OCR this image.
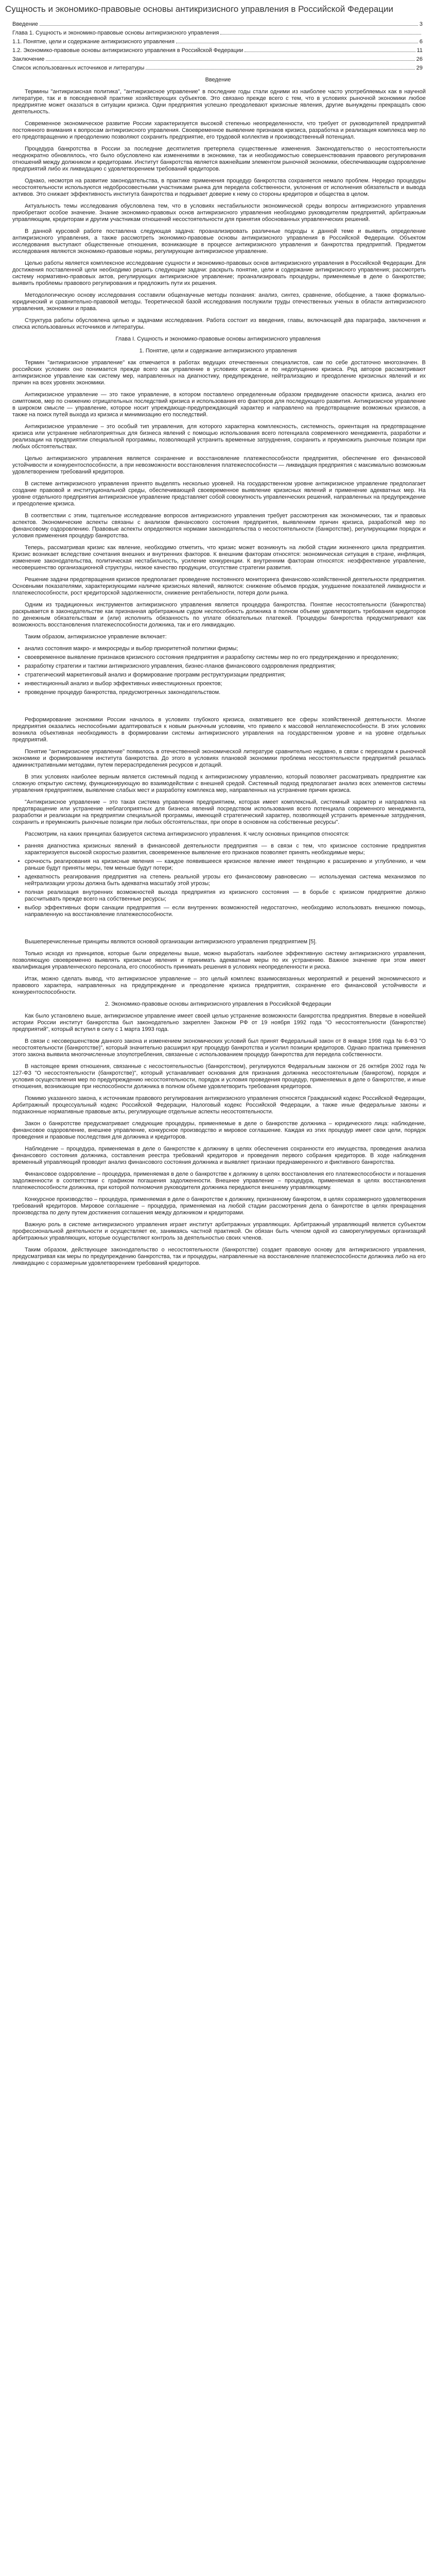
Сущность и экономико-правовые основы антикризисного управления в Российской Федерации
Введение	3
Глава 1. Сущность и экономико-правовые основы антикризисного управления
1.1. Понятие, цели и содержание антикризисного управления	6
1.2. Экономико-правовые основы антикризисного управления в Российской Федерации	11
Заключение	26
Список использованных источников и литературы	29
Введение

Термины "антикризисная политика", "антикризисное управление" в последние годы стали одними из наиболее часто употребляемых как в научной литературе, так и в повседневной практике хозяйствующих субъектов. Это связано прежде всего с тем, что в условиях рыночной экономики любое предприятие может оказаться в ситуации кризиса. Одни предприятия успешно преодолевают кризисные явления, другие вынуждены прекращать свою деятельность.

Современное экономическое развитие России характеризуется высокой степенью неопределенности, что требует от руководителей предприятий постоянного внимания к вопросам антикризисного управления. Своевременное выявление признаков кризиса, разработка и реализация комплекса мер по его предотвращению и преодолению позволяют сохранить предприятие, его трудовой коллектив и производственный потенциал.

Процедура банкротства в России за последние десятилетия претерпела существенные изменения. Законодательство о несостоятельности неоднократно обновлялось, что было обусловлено как изменениями в экономике, так и необходимостью совершенствования правового регулирования отношений между должником и кредиторами. Институт банкротства является важнейшим элементом рыночной экономики, обеспечивающим оздоровление предприятий либо их ликвидацию с удовлетворением требований кредиторов.

Однако, несмотря на развитие законодательства, в практике применения процедур банкротства сохраняется немало проблем. Нередко процедуры несостоятельности используются недобросовестными участниками рынка для передела собственности, уклонения от исполнения обязательств и вывода активов. Это снижает эффективность института банкротства и подрывает доверие к нему со стороны кредиторов и общества в целом.

Актуальность темы исследования обусловлена тем, что в условиях нестабильности экономической среды вопросы антикризисного управления приобретают особое значение. Знание экономико-правовых основ антикризисного управления необходимо руководителям предприятий, арбитражным управляющим, кредиторам и другим участникам отношений несостоятельности для принятия обоснованных управленческих решений.

В данной курсовой работе поставлена следующая задача: проанализировать различные подходы к данной теме и выявить определение антикризисного управления, а также рассмотреть экономико-правовые основы антикризисного управления в Российской Федерации. Объектом исследования выступают общественные отношения, возникающие в процессе антикризисного управления и банкротства предприятий. Предметом исследования являются экономико-правовые нормы, регулирующие антикризисное управление.

Целью работы является комплексное исследование сущности и экономико-правовых основ антикризисного управления в Российской Федерации. Для достижения поставленной цели необходимо решить следующие задачи: раскрыть понятие, цели и содержание антикризисного управления; рассмотреть систему нормативно-правовых актов, регулирующих антикризисное управление; проанализировать процедуры, применяемые в деле о банкротстве; выявить проблемы правового регулирования и предложить пути их решения.

Методологическую основу исследования составили общенаучные методы познания: анализ, синтез, сравнение, обобщение, а также формально-юридический и сравнительно-правовой методы. Теоретической базой исследования послужили труды отечественных ученых в области антикризисного управления, экономики и права.

Структура работы обусловлена целью и задачами исследования. Работа состоит из введения, главы, включающей два параграфа, заключения и списка использованных источников и литературы.

Глава I. Сущность и экономико-правовые основы антикризисного управления
1. Понятие, цели и содержание антикризисного управления

Термин "антикризисное управление" как отмечается в работах ведущих отечественных специалистов, сам по себе достаточно многозначен. В российских условиях оно понимается прежде всего как управление в условиях кризиса и по недопущению кризиса. Ряд авторов рассматривают антикризисное управление как систему мер, направленных на диагностику, предупреждение, нейтрализацию и преодоление кризисных явлений и их причин на всех уровнях экономики.

Антикризисное управление — это такое управление, в котором поставлено определенным образом предвидение опасности кризиса, анализ его симптомов, мер по снижению отрицательных последствий кризиса и использования его факторов для последующего развития. Антикризисное управление в широком смысле — управление, которое носит упреждающе-предупреждающий характер и направлено на предотвращение возможных кризисов, а также на поиск путей выхода из кризиса и минимизацию его последствий.

Антикризисное управление – это особый тип управления, для которого характерна комплексность, системность, ориентация на предотвращение кризиса или устранение неблагоприятных для бизнеса явлений с помощью использования всего потенциала современного менеджмента, разработки и реализации на предприятии специальной программы, позволяющей устранить временные затруднения, сохранить и преумножить рыночные позиции при любых обстоятельствах.

Целью антикризисного управления является сохранение и восстановление платежеспособности предприятия, обеспечение его финансовой устойчивости и конкурентоспособности, а при невозможности восстановления платежеспособности — ликвидация предприятия с максимально возможным удовлетворением требований кредиторов.

В системе антикризисного управления принято выделять несколько уровней. На государственном уровне антикризисное управление предполагает создание правовой и институциональной среды, обеспечивающей своевременное выявление кризисных явлений и применение адекватных мер. На уровне отдельного предприятия антикризисное управление представляет собой совокупность управленческих решений, направленных на предупреждение и преодоление кризиса.

В соответствии с этим, тщательное исследование вопросов антикризисного управления требует рассмотрения как экономических, так и правовых аспектов. Экономические аспекты связаны с анализом финансового состояния предприятия, выявлением причин кризиса, разработкой мер по финансовому оздоровлению. Правовые аспекты определяются нормами законодательства о несостоятельности (банкротстве), регулирующими порядок и условия применения процедур банкротства.

Теперь, рассматривая кризис как явление, необходимо отметить, что кризис может возникнуть на любой стадии жизненного цикла предприятия. Кризис возникает вследствие сочетания внешних и внутренних факторов. К внешним факторам относятся: экономическая ситуация в стране, инфляция, изменение законодательства, политическая нестабильность, усиление конкуренции. К внутренним факторам относятся: неэффективное управление, несовершенство организационной структуры, низкое качество продукции, отсутствие стратегии развития.

Решение задачи предотвращения кризисов предполагает проведение постоянного мониторинга финансово-хозяйственной деятельности предприятия. Основными показателями, характеризующими наличие кризисных явлений, являются: снижение объемов продаж, ухудшение показателей ликвидности и платежеспособности, рост кредиторской задолженности, снижение рентабельности, потеря доли рынка.

Одним из традиционных инструментов антикризисного управления является процедура банкротства. Понятие несостоятельности (банкротства) раскрывается в законодательстве как признанная арбитражным судом неспособность должника в полном объеме удовлетворить требования кредиторов по денежным обязательствам и (или) исполнить обязанность по уплате обязательных платежей. Процедуры банкротства предусматривают как возможность восстановления платежеспособности должника, так и его ликвидацию.

Таким образом, антикризисное управление включает:

• анализ состояния макро- и микросреды и выбор приоритетной политики фирмы;
• своевременное выявление признаков кризисного состояния предприятия и разработку системы мер по его предупреждению и преодолению;
• разработку стратегии и тактики антикризисного управления, бизнес-планов финансового оздоровления предприятия;
• стратегический маркетинговый анализ и формирование программ реструктуризации предприятия;
• инвестиционный анализ и выбор эффективных инвестиционных проектов;
• проведение процедур банкротства, предусмотренных законодательством.

Реформирование экономики России началось в условиях глубокого кризиса, охватившего все сферы хозяйственной деятельности. Многие предприятия оказались неспособными адаптироваться к новым рыночным условиям, что привело к массовой неплатежеспособности. В этих условиях возникла объективная необходимость в формировании системы антикризисного управления на государственном уровне и на уровне отдельных предприятий.

Понятие "антикризисное управление" появилось в отечественной экономической литературе сравнительно недавно, в связи с переходом к рыночной экономике и формированием института банкротства. До этого в условиях плановой экономики проблема несостоятельности предприятий решалась административными методами, путем перераспределения ресурсов и дотаций.

В этих условиях наиболее верным является системный подход к антикризисному управлению, который позволяет рассматривать предприятие как сложную открытую систему, функционирующую во взаимодействии с внешней средой. Системный подход предполагает анализ всех элементов системы управления предприятием, выявление слабых мест и разработку комплекса мер, направленных на устранение причин кризиса.

"Антикризисное управление – это такая система управления предприятием, которая имеет комплексный, системный характер и направлена на предотвращение или устранение неблагоприятных для бизнеса явлений посредством использования всего потенциала современного менеджмента, разработки и реализации на предприятии специальной программы, имеющей стратегический характер, позволяющей устранить временные затруднения, сохранить и преумножить рыночные позиции при любых обстоятельствах, при опоре в основном на собственные ресурсы".

Рассмотрим, на каких принципах базируется система антикризисного управления. К числу основных принципов относятся:

• ранняя диагностика кризисных явлений в финансовой деятельности предприятия — в связи с тем, что кризисное состояние предприятия характеризуется высокой скоростью развития, своевременное выявление его признаков позволяет принять необходимые меры;
• срочность реагирования на кризисные явления — каждое появившееся кризисное явление имеет тенденцию к расширению и углублению, и чем раньше будут приняты меры, тем меньше будут потери;
• адекватность реагирования предприятия на степень реальной угрозы его финансовому равновесию — используемая система механизмов по нейтрализации угрозы должна быть адекватна масштабу этой угрозы;
• полная реализация внутренних возможностей выхода предприятия из кризисного состояния — в борьбе с кризисом предприятие должно рассчитывать прежде всего на собственные ресурсы;
• выбор эффективных форм санации предприятия — если внутренних возможностей недостаточно, необходимо использовать внешнюю помощь, направленную на восстановление платежеспособности.

Вышеперечисленные принципы являются основой организации антикризисного управления предприятием [5].

Только исходя из принципов, которые были определены выше, можно выработать наиболее эффективную систему антикризисного управления, позволяющую своевременно выявлять кризисные явления и принимать адекватные меры по их устранению. Важное значение при этом имеет квалификация управленческого персонала, его способность принимать решения в условиях неопределенности и риска.

Итак, можно сделать вывод, что антикризисное управление – это целый комплекс взаимосвязанных мероприятий и решений экономического и правового характера, направленных на предупреждение и преодоление кризиса предприятия, сохранение его финансовой устойчивости и конкурентоспособности.

2. Экономико-правовые основы антикризисного управления в Российской Федерации

Как было установлено выше, антикризисное управление имеет своей целью устранение возможности банкротства предприятия. Впервые в новейшей истории России институт банкротства был законодательно закреплен Законом РФ от 19 ноября 1992 года "О несостоятельности (банкротстве) предприятий", который вступил в силу с 1 марта 1993 года.

В связи с несовершенством данного закона и изменением экономических условий был принят Федеральный закон от 8 января 1998 года № 6-ФЗ "О несостоятельности (банкротстве)", который значительно расширил круг процедур банкротства и усилил позиции кредиторов. Однако практика применения этого закона выявила многочисленные злоупотребления, связанные с использованием процедур банкротства для передела собственности.

В настоящее время отношения, связанные с несостоятельностью (банкротством), регулируются Федеральным законом от 26 октября 2002 года № 127-ФЗ "О несостоятельности (банкротстве)", который устанавливает основания для признания должника несостоятельным (банкротом), порядок и условия осуществления мер по предупреждению несостоятельности, порядок и условия проведения процедур, применяемых в деле о банкротстве, и иные отношения, возникающие при неспособности должника в полном объеме удовлетворить требования кредиторов.

Помимо указанного закона, к источникам правового регулирования антикризисного управления относятся Гражданский кодекс Российской Федерации, Арбитражный процессуальный кодекс Российской Федерации, Налоговый кодекс Российской Федерации, а также иные федеральные законы и подзаконные нормативные правовые акты, регулирующие отдельные аспекты несостоятельности.

Закон о банкротстве предусматривает следующие процедуры, применяемые в деле о банкротстве должника – юридического лица: наблюдение, финансовое оздоровление, внешнее управление, конкурсное производство и мировое соглашение. Каждая из этих процедур имеет свои цели, порядок проведения и правовые последствия для должника и кредиторов.

Наблюдение – процедура, применяемая в деле о банкротстве к должнику в целях обеспечения сохранности его имущества, проведения анализа финансового состояния должника, составления реестра требований кредиторов и проведения первого собрания кредиторов. В ходе наблюдения временный управляющий проводит анализ финансового состояния должника и выявляет признаки преднамеренного и фиктивного банкротства.

Финансовое оздоровление – процедура, применяемая в деле о банкротстве к должнику в целях восстановления его платежеспособности и погашения задолженности в соответствии с графиком погашения задолженности. Внешнее управление – процедура, применяемая в целях восстановления платежеспособности должника, при которой полномочия руководителя должника передаются внешнему управляющему.

Конкурсное производство – процедура, применяемая в деле о банкротстве к должнику, признанному банкротом, в целях соразмерного удовлетворения требований кредиторов. Мировое соглашение – процедура, применяемая на любой стадии рассмотрения дела о банкротстве в целях прекращения производства по делу путем достижения соглашения между должником и кредиторами.

Важную роль в системе антикризисного управления играет институт арбитражных управляющих. Арбитражный управляющий является субъектом профессиональной деятельности и осуществляет ее, занимаясь частной практикой. Он обязан быть членом одной из саморегулируемых организаций арбитражных управляющих, которые осуществляют контроль за деятельностью своих членов.

Таким образом, действующее законодательство о несостоятельности (банкротстве) создает правовую основу для антикризисного управления, предусматривая как меры по предупреждению банкротства, так и процедуры, направленные на восстановление платежеспособности должника либо на его ликвидацию с соразмерным удовлетворением требований кредиторов.
